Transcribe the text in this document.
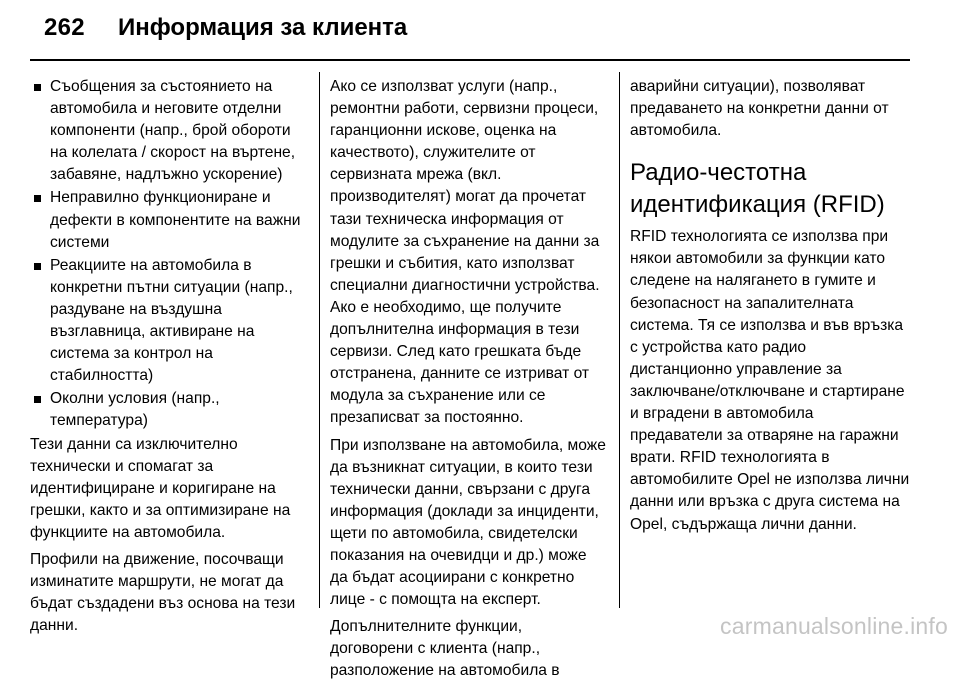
262 Информация за клиента
Съобщения за състоянието на автомобила и неговите отделни компоненти (напр., брой обороти на колелата / скорост на въртене, забавяне, надлъжно ускорение)
Неправилно функциониране и дефекти в компонентите на важни системи
Реакциите на автомобила в конкретни пътни ситуации (напр., раздуване на въздушна възглавница, активиране на система за контрол на стабилността)
Околни условия (напр., температура)

Тези данни са изключително технически и спомагат за идентифициране и коригиране на грешки, както и за оптимизиране на функциите на автомобила.

Профили на движение, посочващи изминатите маршрути, не могат да бъдат създадени въз основа на тези данни.

Ако се използват услуги (напр., ремонтни работи, сервизни процеси, гаранционни искове, оценка на качеството), служителите от сервизната мрежа (вкл. производителят) могат да прочетат тази техническа информация от модулите за съхранение на данни за грешки и събития, като използват специални диагностични устройства. Ако е необходимо, ще получите допълнителна информация в тези сервизи. След като грешката бъде отстранена, данните се изтриват от модула за съхранение или се презаписват за постоянно.

При използване на автомобила, може да възникнат ситуации, в които тези технически данни, свързани с друга информация (доклади за инциденти, щети по автомобила, свидетелски показания на очевидци и др.) може да бъдат асоциирани с конкретно лице - с помощта на експерт.

Допълнителните функции, договорени с клиента (напр., разположение на автомобила в

аварийни ситуации), позволяват предаването на конкретни данни от автомобила.

Радио-честотна идентификация (RFID)

RFID технологията се използва при някои автомобили за функции като следене на налягането в гумите и безопасност на запалителната система. Тя се използва и във връзка с устройства като радио дистанционно управление за заключване/отключване и стартиране и вградени в автомобила предаватели за отваряне на гаражни врати. RFID технологията в автомобилите Opel не използва лични данни или връзка с друга система на Opel, съдържаща лични данни.

carmanualsonline.info
